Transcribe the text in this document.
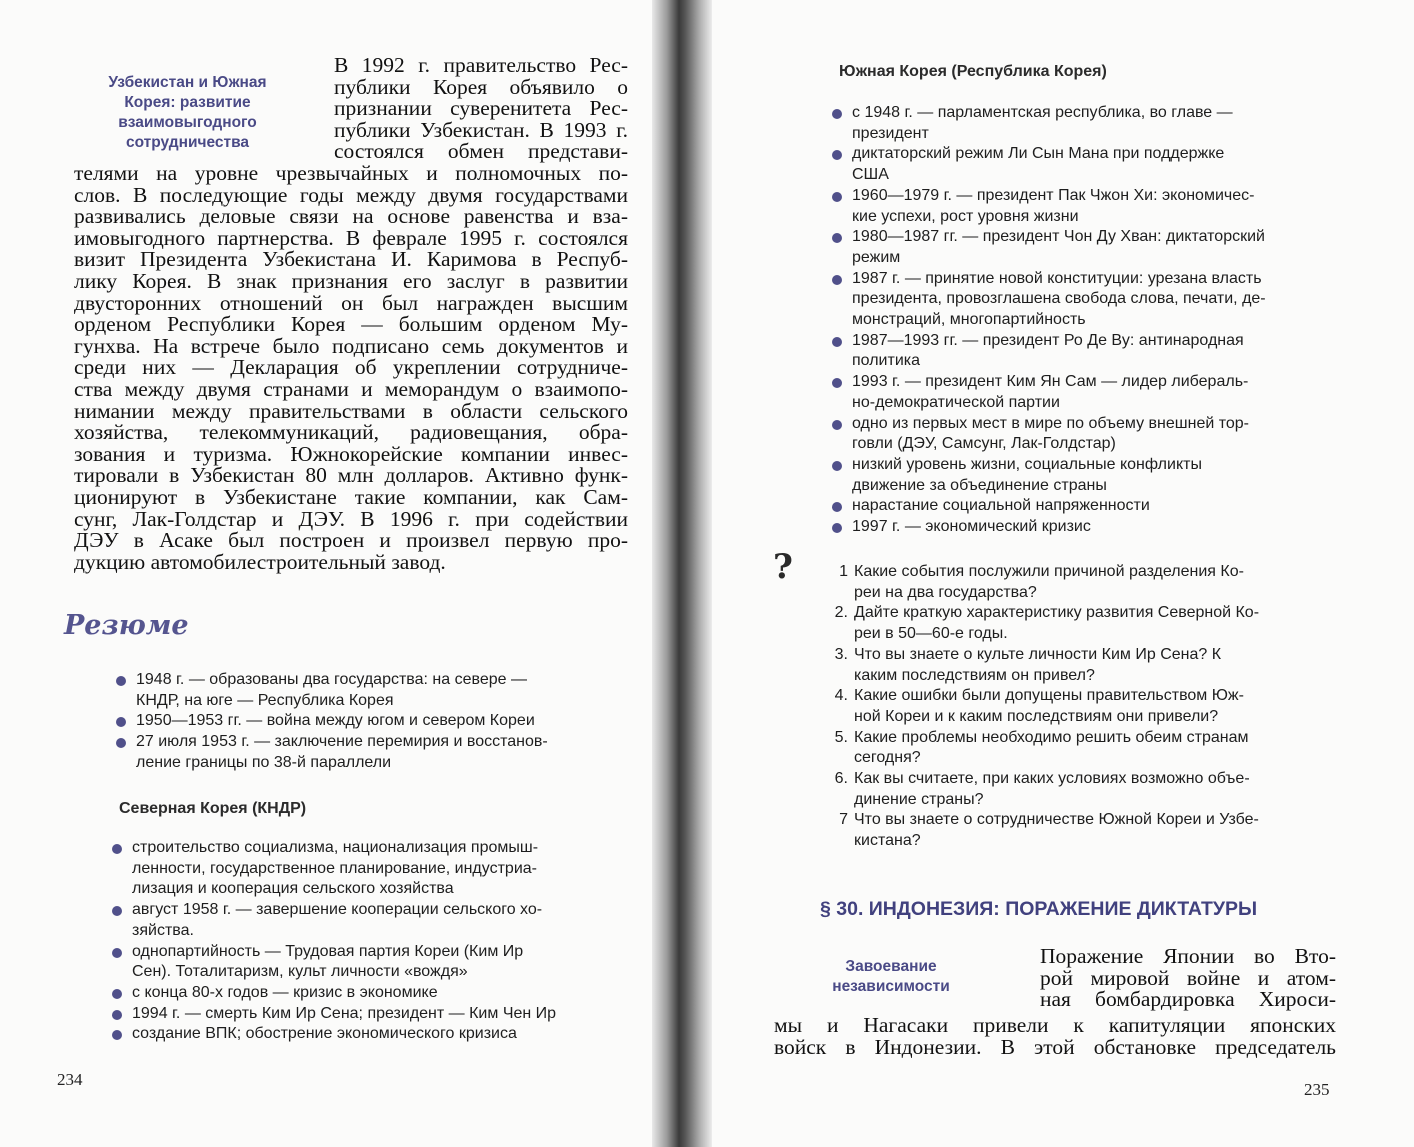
Узбекистан и Южная
Корея: развитие
взаимовыгодного
сотрудничества
В 1992 г. правительство Рес-
публики Корея объявило о
признании суверенитета Рес-
публики Узбекистан. В 1993 г.
состоялся обмен представи-
телями на уровне чрезвычайных и полномочных по-
слов. В последующие годы между двумя государствами
развивались деловые связи на основе равенства и вза-
имовыгодного партнерства. В феврале 1995 г. состоялся
визит Президента Узбекистана И. Каримова в Респуб-
лику Корея. В знак признания его заслуг в развитии
двусторонних отношений он был награжден высшим
орденом Республики Корея — большим орденом Му-
гунхва. На встрече было подписано семь документов и
среди них — Декларация об укреплении сотрудниче-
ства между двумя странами и меморандум о взаимопо-
нимании между правительствами в области сельского
хозяйства, телекоммуникаций, радиовещания, обра-
зования и туризма. Южнокорейские компании инвес-
тировали в Узбекистан 80 млн долларов. Активно функ-
ционируют в Узбекистане такие компании, как Сам-
сунг, Лак-Голдстар и ДЭУ. В 1996 г. при содействии
ДЭУ в Асаке был построен и произвел первую про-
дукцию автомобилестроительный завод.
Резюме
1948 г. — образованы два государства: на севере —
КНДР, на юге — Республика Корея
1950—1953 гг. — война между югом и севером Кореи
27 июля 1953 г. — заключение перемирия и восстанов-
ление границы по 38-й параллели
Северная Корея (КНДР)
строительство социализма, национализация промыш-
ленности, государственное планирование, индустриа-
лизация и кооперация сельского хозяйства
август 1958 г. — завершение кооперации сельского хо-
зяйства.
однопартийность — Трудовая партия Кореи (Ким Ир
Сен). Тоталитаризм, культ личности «вождя»
с конца 80-х годов — кризис в экономике
1994 г. — смерть Ким Ир Сена; президент — Ким Чен Ир
создание ВПК; обострение экономического кризиса
234
Южная Корея (Республика Корея)
с 1948 г. — парламентская республика, во главе —
президент
диктаторский режим Ли Сын Мана при поддержке
США
1960—1979 г. — президент Пак Чжон Хи: экономичес-
кие успехи, рост уровня жизни
1980—1987 гг. — президент Чон Ду Хван: диктаторский
режим
1987 г. — принятие новой конституции: урезана власть
президента, провозглашена свобода слова, печати, де-
монстраций, многопартийность
1987—1993 гг. — президент Ро Де Ву: антинародная
политика
1993 г. — президент Ким Ян Сам — лидер либераль-
но-демократической партии
одно из первых мест в мире по объему внешней тор-
говли (ДЭУ, Самсунг, Лак-Голдстар)
низкий уровень жизни, социальные конфликты
движение за объединение страны
нарастание социальной напряженности
1997 г. — экономический кризис
?	1 Какие события послужили причиной разделения Ко-
реи на два государства?
2. Дайте краткую характеристику развития Северной Ко-
реи в 50—60-е годы.
3. Что вы знаете о культе личности Ким Ир Сена? К
каким последствиям он привел?
4. Какие ошибки были допущены правительством Юж-
ной Кореи и к каким последствиям они привели?
5. Какие проблемы необходимо решить обеим странам
сегодня?
6. Как вы считаете, при каких условиях возможно объе-
динение страны?
7 Что вы знаете о сотрудничестве Южной Кореи и Узбе-
кистана?
§ 30. ИНДОНЕЗИЯ: ПОРАЖЕНИЕ ДИКТАТУРЫ
Завоевание
независимости
Поражение Японии во Вто-
рой мировой войне и атом-
ная бомбардировка Хироси-
мы и Нагасаки привели к капитуляции японских
войск в Индонезии. В этой обстановке председатель
235
